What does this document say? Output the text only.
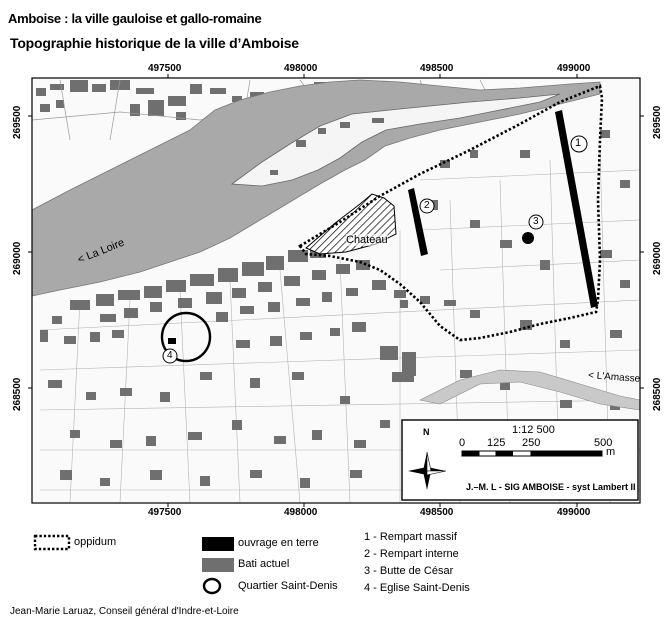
Amboise : la ville gauloise et gallo-romaine
Topographie historique de la ville d’Amboise
497500	498000	498500	499000
497500	498000	498500	499000
269500
269000
268500
269500
269000
268500
< La Loire	Chateau
< L'Amasse
1
2
3
4
1:12 500
N
0 125 250	500
m
J.–M. L - SIG AMBOISE - syst Lambert II
oppidum	ouvrage en terre
Bati actuel
Quartier Saint-Denis
1 - Rempart massif
2 - Rempart interne
3 - Butte de César
4 - Eglise Saint-Denis
Jean-Marie Laruaz, Conseil général d'Indre-et-Loire
